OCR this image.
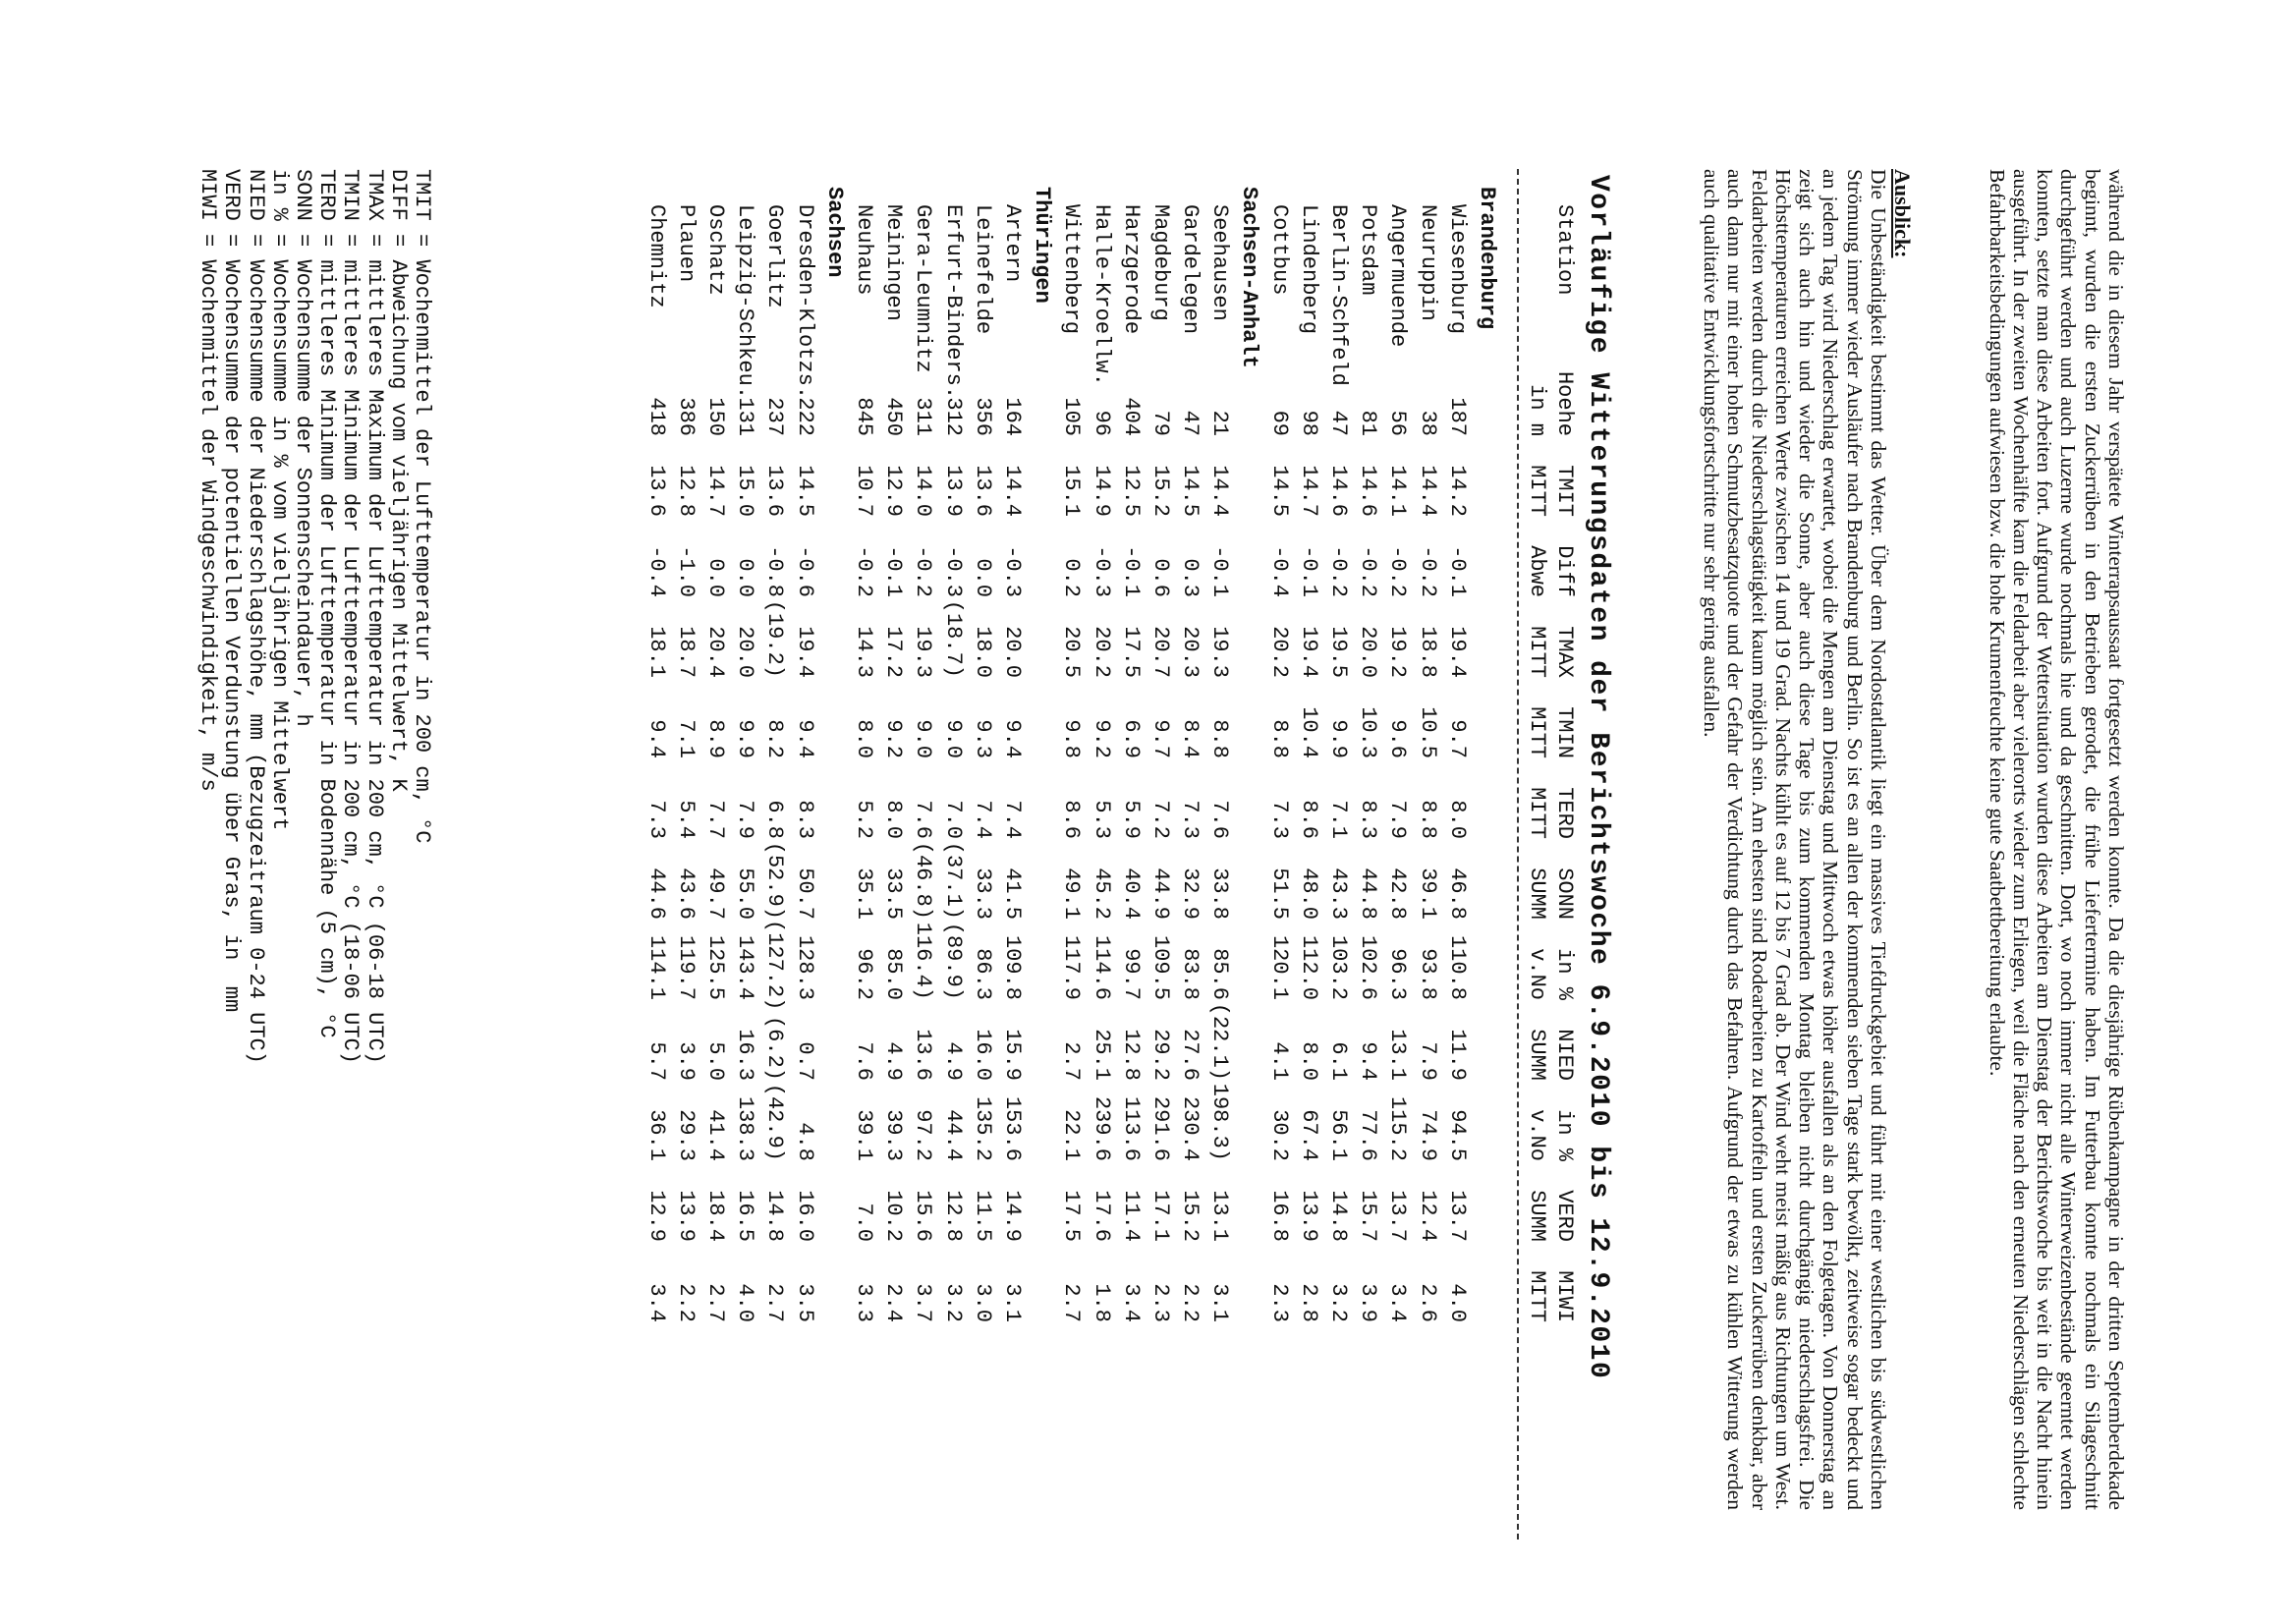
während die in diesem Jahr verspätete Winterrapsaussaat fortgesetzt werden konnte. Da die diesjährige Rübenkampagne in der dritten Septemberdekade beginnt, wurden die ersten Zuckerrüben in den Betrieben gerodet, die frühe Liefertermine haben. Im Futterbau konnte nochmals ein Silageschnitt durchgeführt werden und auch Luzerne wurde nochmals hie und da geschnitten. Dort, wo noch immer nicht alle Winterweizenbestände geerntet werden konnten, setzte man diese Arbeiten fort. Aufgrund der Wettersituation wurden diese Arbeiten am Dienstag der Berichtswoche bis weit in die Nacht hinein ausgeführt. In der zweiten Wochenhälfte kam die Feldarbeit aber vielerorts wieder zum Erliegen, weil die Fläche nach den erneuten Niederschlägen schlechte Befahrbarkeitsbedingungen aufwiesen bzw. die hohe Krumenfeuchte keine gute Saatbettbereitung erlaubte.

Ausblick:

Die Unbeständigkeit bestimmt das Wetter. Über dem Nordostatlantik liegt ein massives Tiefdruckgebiet und führt mit einer westlichen bis südwestlichen Strömung immer wieder Ausläufer nach Brandenburg und Berlin. So ist es an allen der kommenden sieben Tage stark bewölkt, zeitweise sogar bedeckt und an jedem Tag wird Niederschlag erwartet, wobei die Mengen am Dienstag und Mittwoch etwas höher ausfallen als an den Folgetagen. Von Donnerstag an zeigt sich auch hin und wieder die Sonne, aber auch diese Tage bis zum kommenden Montag bleiben nicht durchgängig niederschlagsfrei. Die Höchsttemperaturen erreichen Werte zwischen 14 und 19 Grad. Nachts kühlt es auf 12 bis 7 Grad ab. Der Wind weht meist mäßig aus Richtungen um West. Feldarbeiten werden durch die Niederschlagstätigkeit kaum möglich sein. Am ehesten sind Rodearbeiten zu Kartoffeln und ersten Zuckerrüben denkbar, aber auch dann nur mit einer hohen Schmutzbesatzquote und der Gefahr der Verdichtung durch das Befahren. Aufgrund der etwas zu kühlen Witterung werden auch qualitative Entwicklungsfortschritte nur sehr gering ausfallen.

Vorläufige Witterungsdaten der Berichtswoche 6.9.2010 bis 12.9.2010

Station

Hoehe

TMIT

Diff

TMAX

TMIN

TERD

SONN

in %

NIED

in %

VERD

MIWI

in m

MITT

Abwe

MITT

MITT

MITT

SUMM

v.No

SUMM

v.No

SUMM

MITT

Brandenburg
Wiesenburg
187
14.2
-0.1
19.4
9.7
8.0
46.8
110.8
11.9
94.5
13.7
4.0
Neuruppin
38
14.4
-0.2
18.8
10.5
8.8
39.1
93.8
7.9
74.9
12.4
2.6
Angermuende
56
14.1
-0.2
19.2
9.6
7.9
42.8
96.3
13.1
115.2
13.7
3.4
Potsdam
81
14.6
-0.2
20.0
10.3
8.3
44.8
102.6
9.4
77.6
15.7
3.9
Berlin-Schfeld
47
14.6
-0.2
19.5
9.9
7.1
43.3
103.2
6.1
56.1
14.8
3.2
Lindenberg
98
14.7
-0.1
19.4
10.4
8.6
48.0
112.0
8.0
67.4
13.9
2.8
Cottbus
69
14.5
-0.4
20.2
8.8
7.3
51.5
120.1
4.1
30.2
16.8
2.3
Sachsen-Anhalt
Seehausen
21
14.4
-0.1
19.3
8.8
7.6
33.8
85.6
(22.1)
198.3)
13.1
3.1
Gardelegen
47
14.5
0.3
20.3
8.4
7.3
32.9
83.8
27.6
230.4
15.2
2.2
Magdeburg
79
15.2
0.6
20.7
9.7
7.2
44.9
109.5
29.2
291.6
17.1
2.3
Harzgerode
404
12.5
-0.1
17.5
6.9
5.9
40.4
99.7
12.8
113.6
11.4
3.4
Halle-Kroellw.
96
14.9
-0.3
20.2
9.2
5.3
45.2
114.6
25.1
239.6
17.6
1.8
Wittenberg
105
15.1
0.2
20.5
9.8
8.6
49.1
117.9
2.7
22.1
17.5
2.7
Thüringen
Artern
164
14.4
-0.3
20.0
9.4
7.4
41.5
109.8
15.9
153.6
14.9
3.1
Leinefelde
356
13.6
0.0
18.0
9.3
7.4
33.3
86.3
16.0
135.2
11.5
3.0
Erfurt-Binders.
312
13.9
-0.3
(18.7)
9.0
7.0
(37.1)
(89.9)
4.9
44.4
12.8
3.2
Gera-Leumnitz
311
14.0
-0.2
19.3
9.0
7.6
(46.8)
116.4)
13.6
97.2
15.6
3.7
Meiningen
450
12.9
-0.1
17.2
9.2
8.0
33.5
85.0
4.9
39.3
10.2
2.4
Neuhaus
845
10.7
-0.2
14.3
8.0
5.2
35.1
96.2
7.6
39.1
7.0
3.3
Sachsen
Dresden-Klotzs.
222
14.5
-0.6
19.4
9.4
8.3
50.7
128.3
0.7
4.8
16.0
3.5
Goerlitz
237
13.6
-0.8
(19.2)
8.2
6.8
(52.9)
(127.2)
(6.2)
(42.9)
14.8
2.7
Leipzig-Schkeu.
131
15.0
0.0
20.0
9.9
7.9
55.0
143.4
16.3
138.3
16.5
4.0
Oschatz
150
14.7
0.0
20.4
8.9
7.7
49.7
125.5
5.0
41.4
18.4
2.7
Plauen
386
12.8
-1.0
18.7
7.1
5.4
43.6
119.7
3.9
29.3
13.9
2.2
Chemnitz
418
13.6
-0.4
18.1
9.4
7.3
44.6
114.1
5.7
36.1
12.9
3.4

TMIT = Wochenmittel der Lufttemperatur in 200 cm, °C

DIFF = Abweichung vom vieljährigen Mittelwert, K

TMAX = mittleres Maximum der Lufttemperatur in 200 cm, °C (06-18 UTC)

TMIN = mittleres Minimum der Lufttemperatur in 200 cm, °C (18-06 UTC)

TERD = mittleres Minimum der Lufttemperatur in Bodennähe (5 cm), °C

SONN = Wochensumme der Sonnenscheindauer, h

in % = Wochensumme in % vom vieljährigen Mittelwert

NIED = Wochensumme der Niederschlagshöhe, mm (Bezugzeitraum 0-24 UTC)

VERD = Wochensumme der potentiellen Verdunstung über Gras, in  mm

MIWI = Wochenmittel der Windgeschwindigkeit, m/s
